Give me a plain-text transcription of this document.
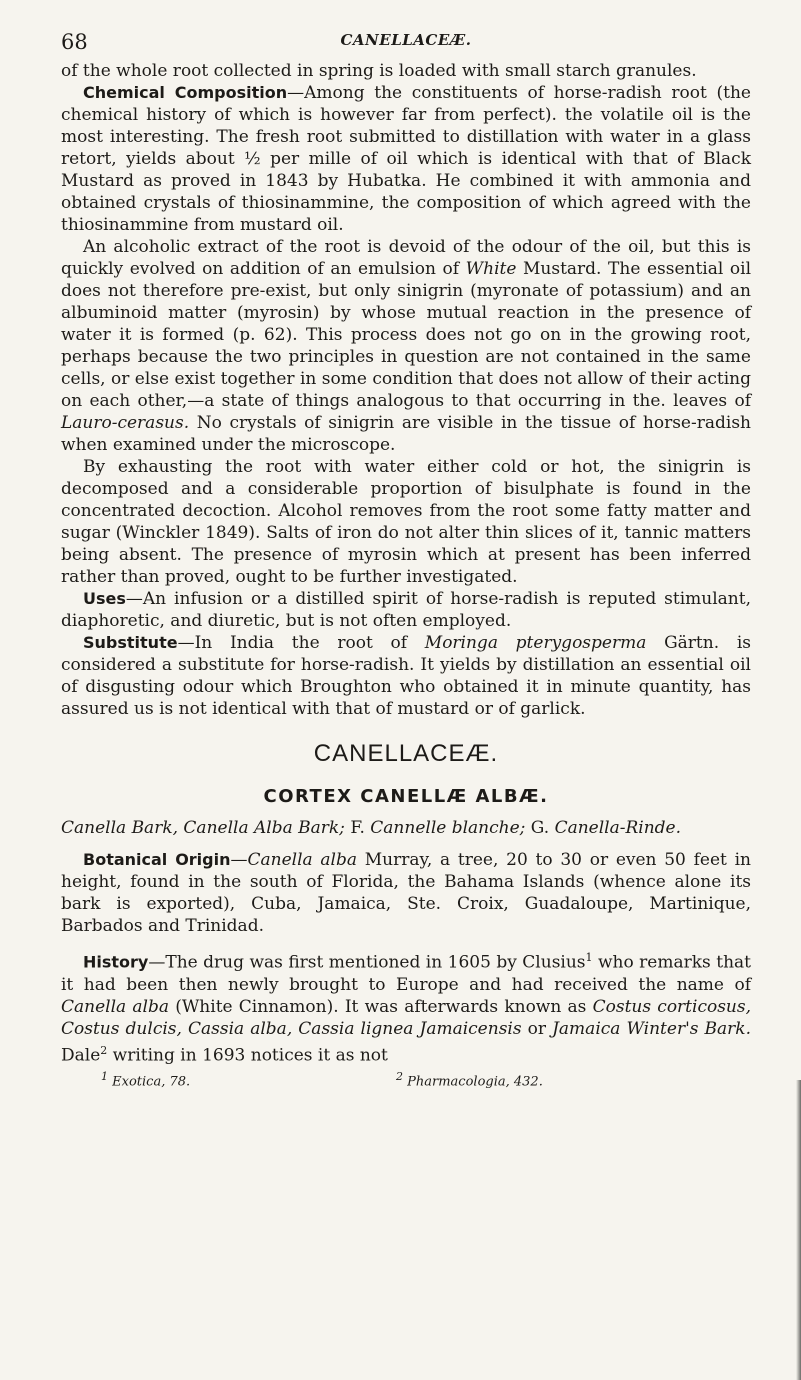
68	CANELLACEÆ.

of the whole root collected in spring is loaded with small starch granules.

Chemical Composition—Among the constituents of horse-radish root (the chemical history of which is however far from perfect). the volatile oil is the most interesting. The fresh root submitted to distillation with water in a glass retort, yields about ½ per mille of oil which is identical with that of Black Mustard as proved in 1843 by Hubatka. He combined it with ammonia and obtained crystals of thiosinammine, the composition of which agreed with the thiosinammine from mustard oil.

An alcoholic extract of the root is devoid of the odour of the oil, but this is quickly evolved on addition of an emulsion of White Mustard. The essential oil does not therefore pre-exist, but only sinigrin (myronate of potassium) and an albuminoid matter (myrosin) by whose mutual reaction in the presence of water it is formed (p. 62). This process does not go on in the growing root, perhaps because the two principles in question are not contained in the same cells, or else exist together in some condition that does not allow of their acting on each other,—a state of things analogous to that occurring in the. leaves of Lauro-cerasus. No crystals of sinigrin are visible in the tissue of horse-radish when examined under the microscope.

By exhausting the root with water either cold or hot, the sinigrin is decomposed and a considerable proportion of bisulphate is found in the concentrated decoction. Alcohol removes from the root some fatty matter and sugar (Winckler 1849). Salts of iron do not alter thin slices of it, tannic matters being absent. The presence of myrosin which at present has been inferred rather than proved, ought to be further investigated.

Uses—An infusion or a distilled spirit of horse-radish is reputed stimulant, diaphoretic, and diuretic, but is not often employed.

Substitute—In India the root of Moringa pterygosperma Gärtn. is considered a substitute for horse-radish. It yields by distillation an essential oil of disgusting odour which Broughton who obtained it in minute quantity, has assured us is not identical with that of mustard or of garlick.

CANELLACEÆ.
CORTEX CANELLÆ ALBÆ.

Canella Bark, Canella Alba Bark; F. Cannelle blanche; G. Canella-Rinde.

Botanical Origin—Canella alba Murray, a tree, 20 to 30 or even 50 feet in height, found in the south of Florida, the Bahama Islands (whence alone its bark is exported), Cuba, Jamaica, Ste. Croix, Guadaloupe, Martinique, Barbados and Trinidad.

History—The drug was first mentioned in 1605 by Clusius$^1$ who remarks that it had been then newly brought to Europe and had received the name of Canella alba (White Cinnamon). It was afterwards known as Costus corticosus, Costus dulcis, Cassia alba, Cassia lignea Jamaicensis or Jamaica Winter's Bark. Dale$^2$ writing in 1693 notices it as not

$^1$ Exotica, 78.	$^2$ Pharmacologia, 432.
